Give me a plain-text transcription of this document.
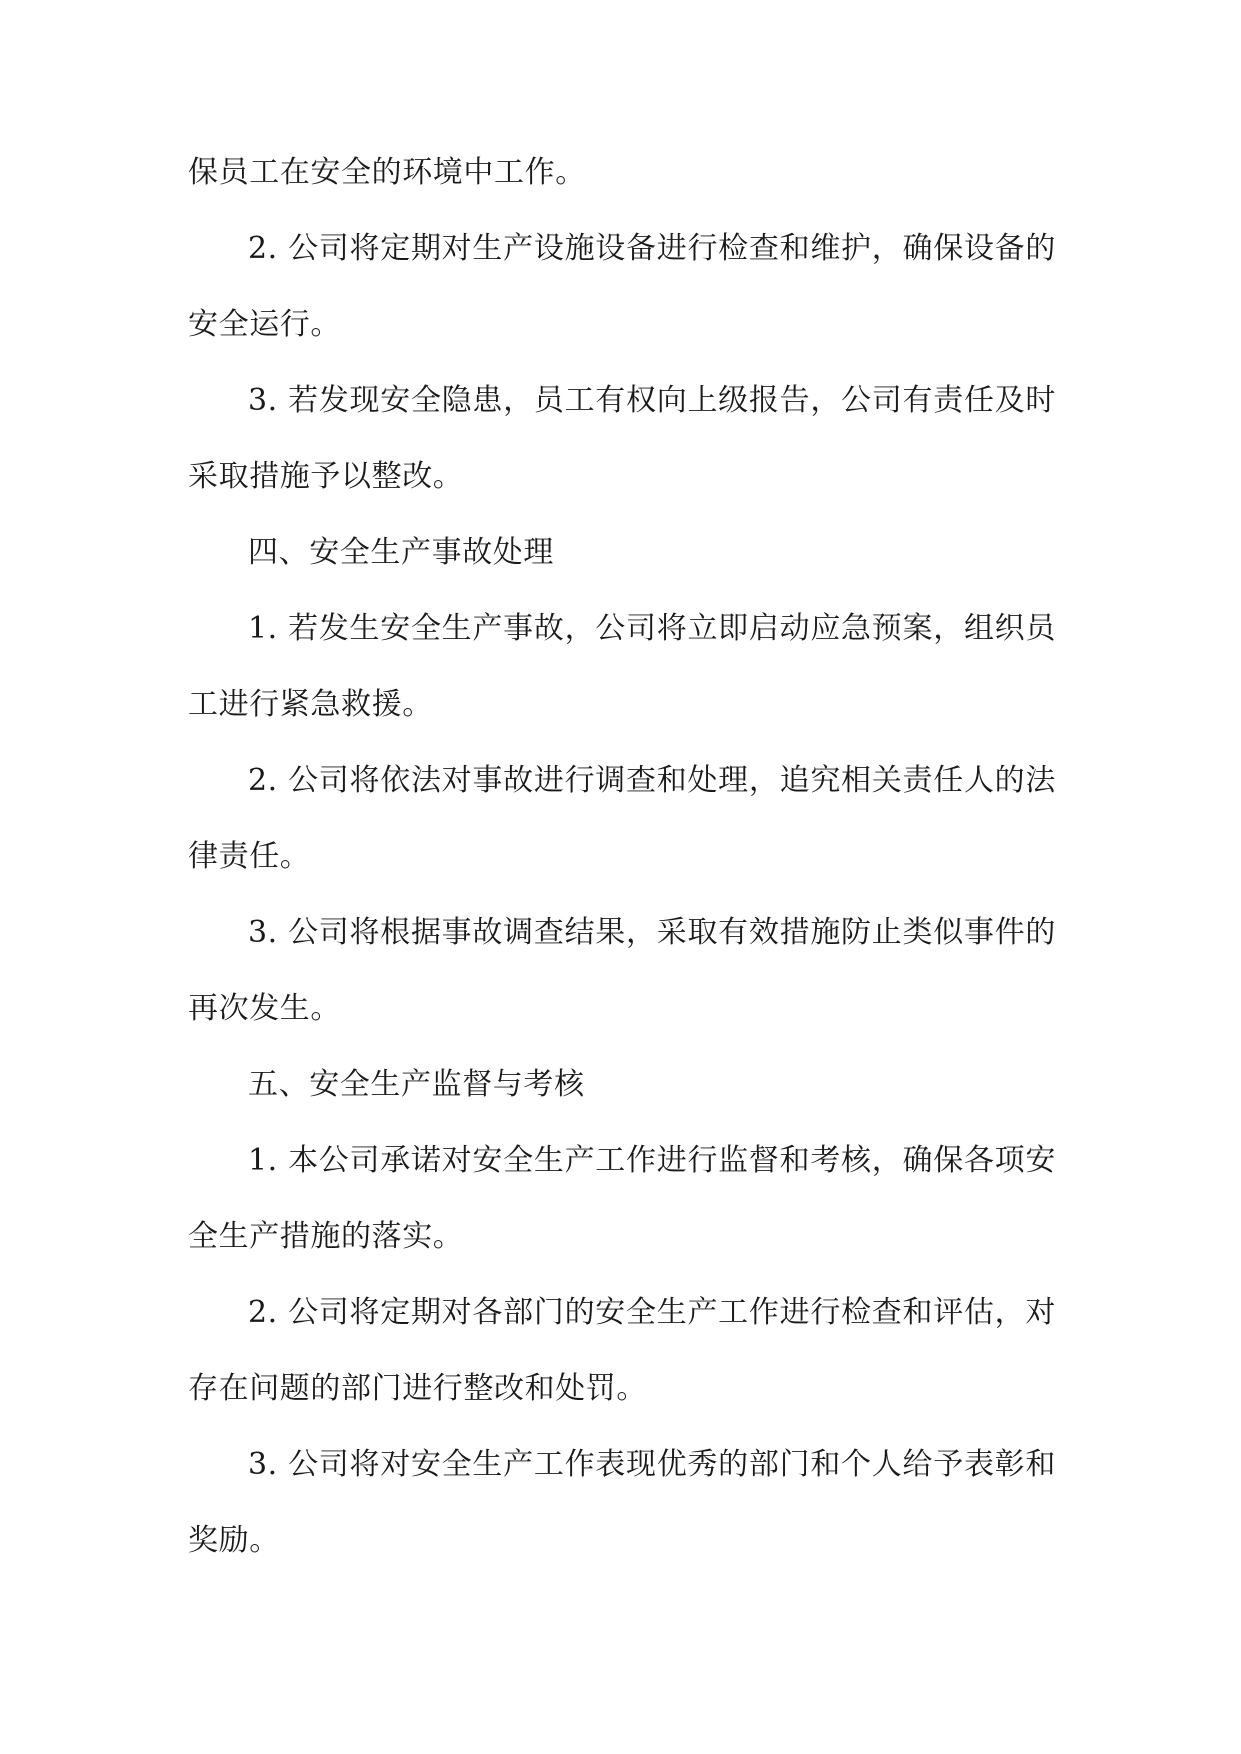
保员工在安全的环境中工作。

2. 公司将定期对生产设施设备进行检查和维护，确保设备的安全运行。

3. 若发现安全隐患，员工有权向上级报告，公司有责任及时采取措施予以整改。

四、安全生产事故处理

1. 若发生安全生产事故，公司将立即启动应急预案，组织员工进行紧急救援。

2. 公司将依法对事故进行调查和处理，追究相关责任人的法律责任。

3. 公司将根据事故调查结果，采取有效措施防止类似事件的再次发生。

五、安全生产监督与考核

1. 本公司承诺对安全生产工作进行监督和考核，确保各项安全生产措施的落实。

2. 公司将定期对各部门的安全生产工作进行检查和评估，对存在问题的部门进行整改和处罚。

3. 公司将对安全生产工作表现优秀的部门和个人给予表彰和奖励。
